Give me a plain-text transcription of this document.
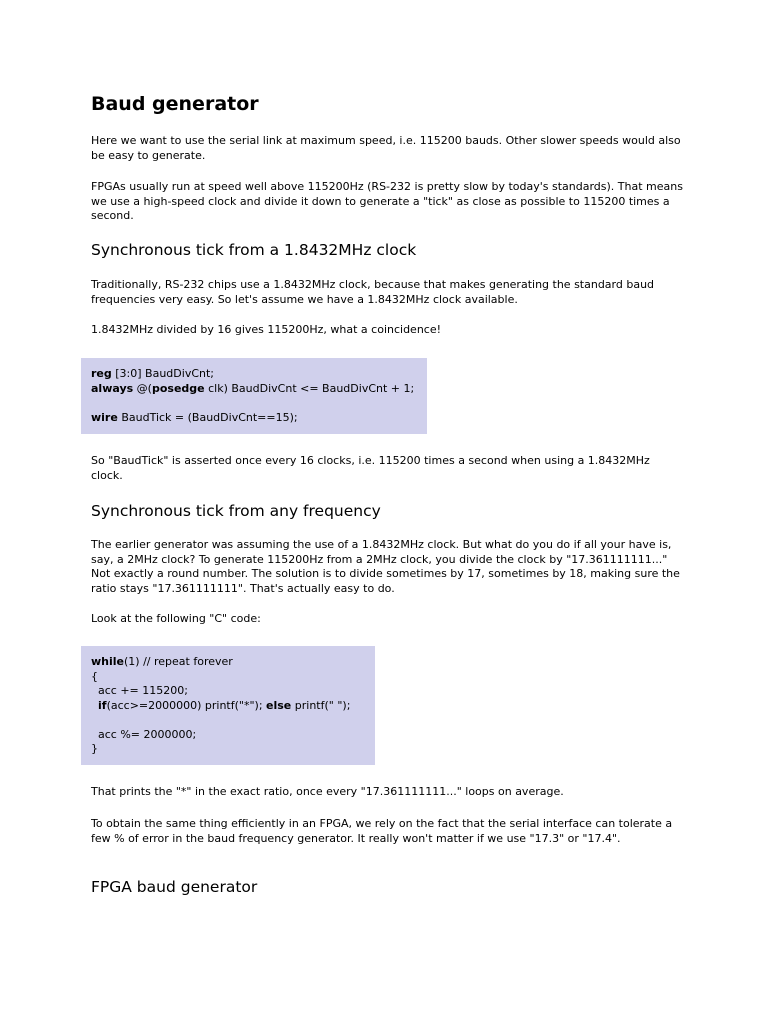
Baud generator

Here we want to use the serial link at maximum speed, i.e. 115200 bauds. Other slower speeds would also be easy to generate.

FPGAs usually run at speed well above 115200Hz (RS-232 is pretty slow by today's standards). That means we use a high-speed clock and divide it down to generate a "tick" as close as possible to 115200 times a second.

Synchronous tick from a 1.8432MHz clock

Traditionally, RS-232 chips use a 1.8432MHz clock, because that makes generating the standard baud frequencies very easy. So let's assume we have a 1.8432MHz clock available.

1.8432MHz divided by 16 gives 115200Hz, what a coincidence!

reg [3:0] BaudDivCnt;
always @(posedge clk) BaudDivCnt <= BaudDivCnt + 1;
wire BaudTick = (BaudDivCnt==15);

So "BaudTick" is asserted once every 16 clocks, i.e. 115200 times a second when using a 1.8432MHz clock.

Synchronous tick from any frequency

The earlier generator was assuming the use of a 1.8432MHz clock. But what do you do if all your have is, say, a 2MHz clock? To generate 115200Hz from a 2MHz clock, you divide the clock by "17.361111111..." Not exactly a round number. The solution is to divide sometimes by 17, sometimes by 18, making sure the ratio stays "17.361111111". That's actually easy to do.

Look at the following "C" code:

while(1) // repeat forever
{
acc += 115200;
if(acc>=2000000) printf("*"); else printf(" ");
acc %= 2000000;
}

That prints the "*" in the exact ratio, once every "17.361111111..." loops on average.

To obtain the same thing efficiently in an FPGA, we rely on the fact that the serial interface can tolerate a few % of error in the baud frequency generator. It really won't matter if we use "17.3" or "17.4".

FPGA baud generator
